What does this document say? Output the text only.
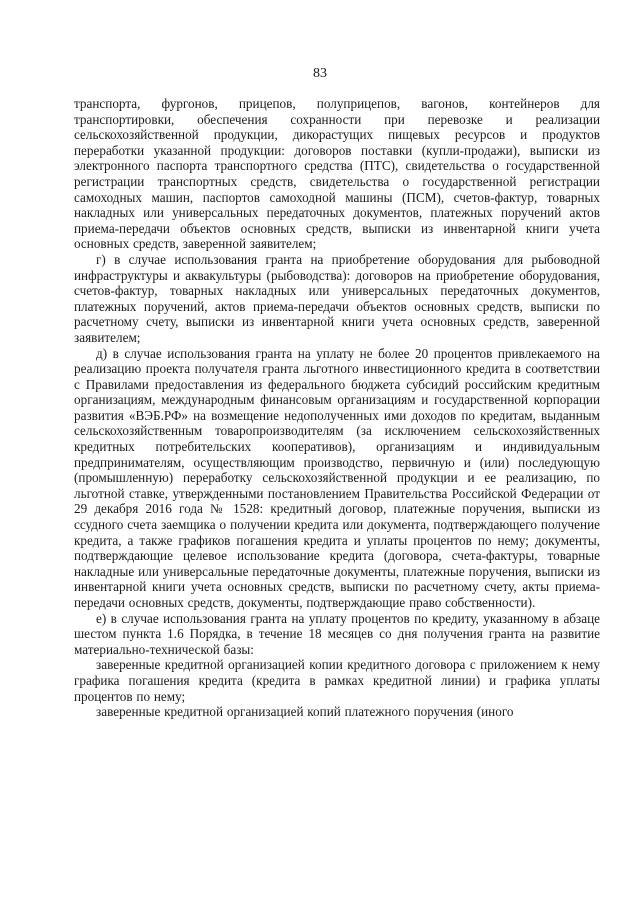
83

транспорта, фургонов, прицепов, полуприцепов, вагонов, контейнеров для транспортировки, обеспечения сохранности при перевозке и реализации сельскохозяйственной продукции, дикорастущих пищевых ресурсов и продуктов переработки указанной продукции: договоров поставки (купли-продажи), выписки из электронного паспорта транспортного средства (ПТС), свидетельства о государственной регистрации транспортных средств, свидетельства о государственной регистрации самоходных машин, паспортов самоходной машины (ПСМ), счетов-фактур, товарных накладных или универсальных передаточных документов, платежных поручений актов приема-передачи объектов основных средств, выписки из инвентарной книги учета основных средств, заверенной заявителем;

г) в случае использования гранта на приобретение оборудования для рыбоводной инфраструктуры и аквакультуры (рыбоводства): договоров на приобретение оборудования, счетов-фактур, товарных накладных или универсальных передаточных документов, платежных поручений, актов приема-передачи объектов основных средств, выписки по расчетному счету, выписки из инвентарной книги учета основных средств, заверенной заявителем;

д) в случае использования гранта на уплату не более 20 процентов привлекаемого на реализацию проекта получателя гранта льготного инвестиционного кредита в соответствии с Правилами предоставления из федерального бюджета субсидий российским кредитным организациям, международным финансовым организациям и государственной корпорации развития «ВЭБ.РФ» на возмещение недополученных ими доходов по кредитам, выданным сельскохозяйственным товаропроизводителям (за исключением сельскохозяйственных кредитных потребительских кооперативов), организациям и индивидуальным предпринимателям, осуществляющим производство, первичную и (или) последующую (промышленную) переработку сельскохозяйственной продукции и ее реализацию, по льготной ставке, утвержденными постановлением Правительства Российской Федерации от 29 декабря 2016 года № 1528: кредитный договор, платежные поручения, выписки из ссудного счета заемщика о получении кредита или документа, подтверждающего получение кредита, а также графиков погашения кредита и уплаты процентов по нему; документы, подтверждающие целевое использование кредита (договора, счета-фактуры, товарные накладные или универсальные передаточные документы, платежные поручения, выписки из инвентарной книги учета основных средств, выписки по расчетному счету, акты приема-передачи основных средств, документы, подтверждающие право собственности).

е) в случае использования гранта на уплату процентов по кредиту, указанному в абзаце шестом пункта 1.6 Порядка, в течение 18 месяцев со дня получения гранта на развитие материально-технической базы:

заверенные кредитной организацией копии кредитного договора с приложением к нему графика погашения кредита (кредита в рамках кредитной линии) и графика уплаты процентов по нему;

заверенные кредитной организацией копий платежного поручения (иного
